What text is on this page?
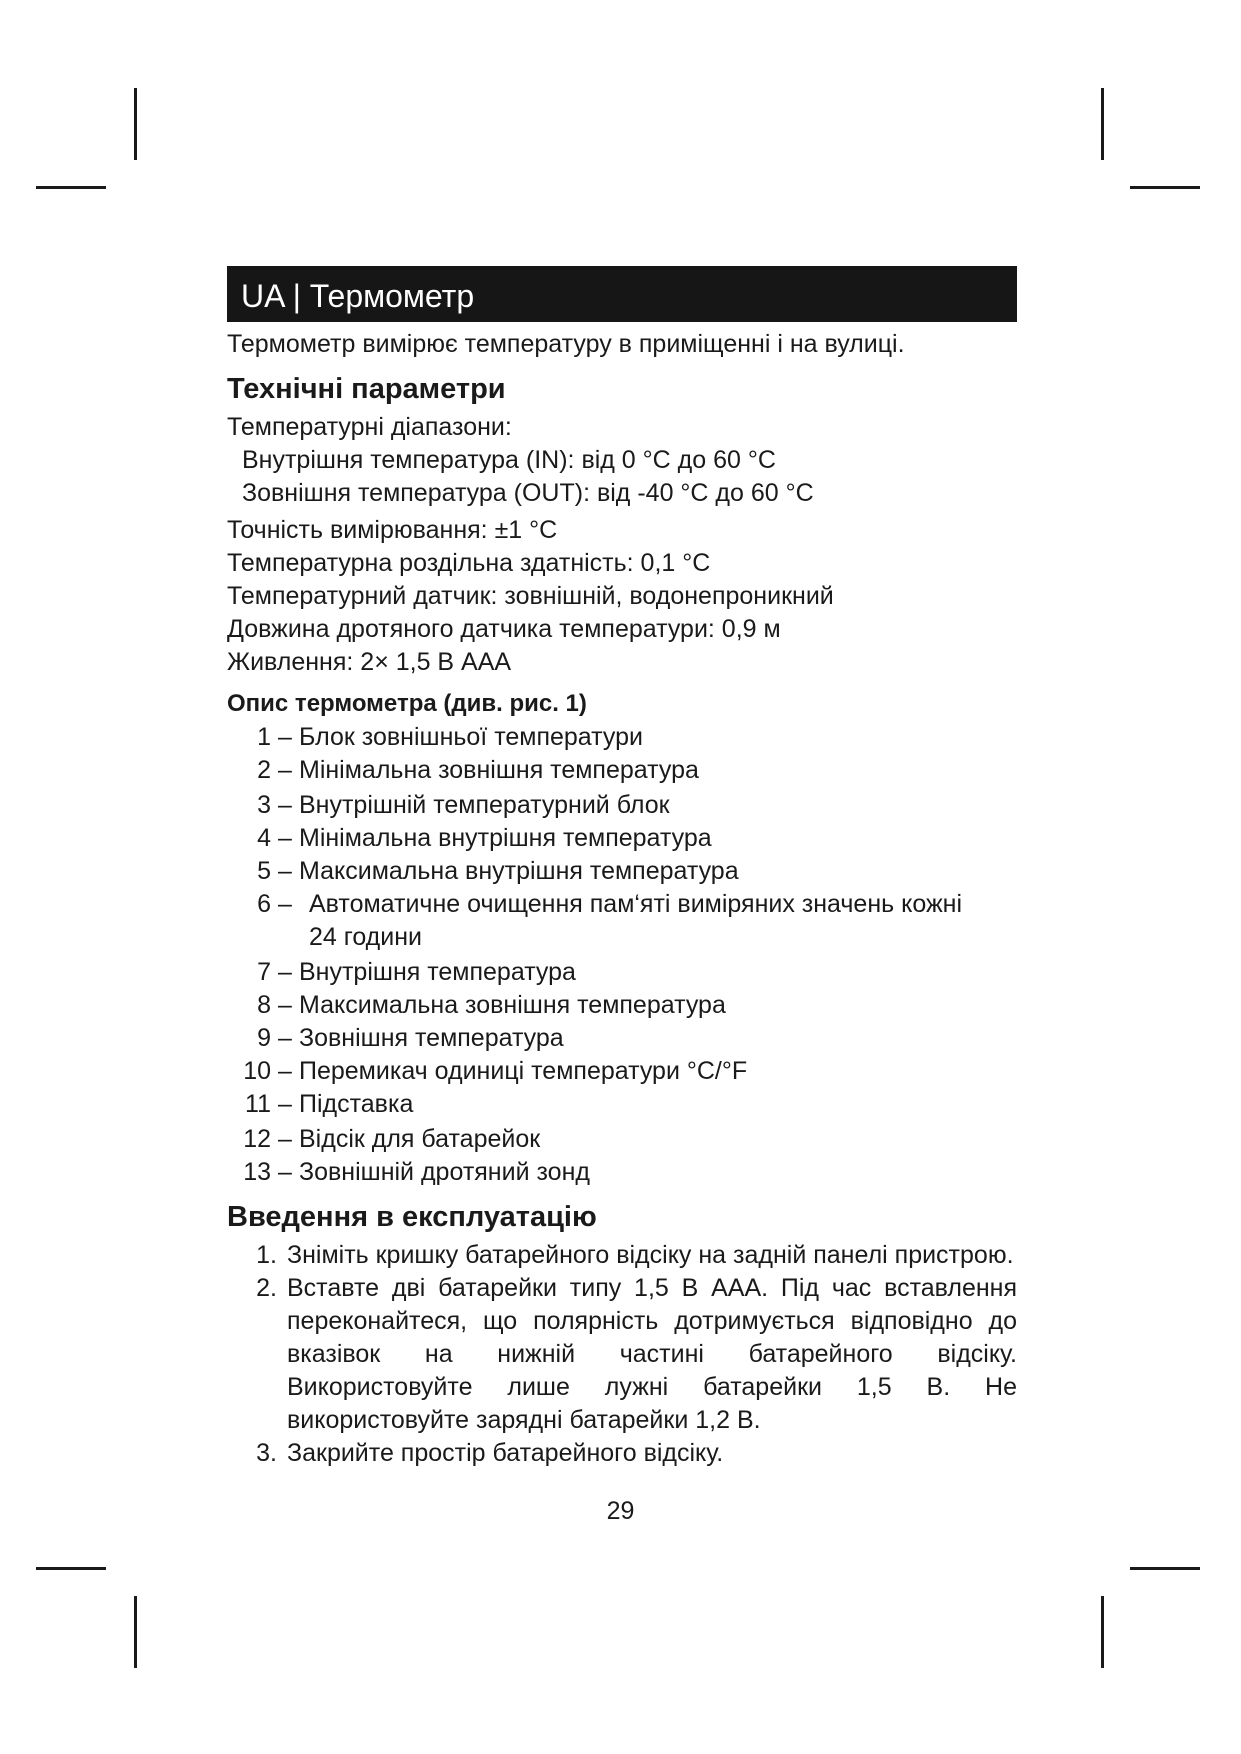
UA | Термометр

Термометр вимірює температуру в приміщенні і на вулиці.

Технічні параметри
Температурні діапазони:
Внутрішня температура (IN): від 0 °C до 60 °C
Зовнішня температура (OUT): від -40 °C до 60 °C
Точність вимірювання: ±1 °C
Температурна роздільна здатність: 0,1 °C
Температурний датчик: зовнішній, водонепроникний
Довжина дротяного датчика температури: 0,9 м
Живлення: 2× 1,5 В AAA
Опис термометра (див. рис. 1)
1 – Блок зовнішньої температури
2 – Мінімальна зовнішня температура
3 – Внутрішній температурний блок
4 – Мінімальна внутрішня температура
5 – Максимальна внутрішня температура
6 – Автоматичне очищення пам‘яті виміряних значень кожні
24 години
7 – Внутрішня температура
8 – Максимальна зовнішня температура
9 – Зовнішня температура
10 – Перемикач одиниці температури °C/°F
11 – Підставка
12 – Відсік для батарейок
13 – Зовнішній дротяний зонд
Введення в експлуатацію
1. Зніміть кришку батарейного відсіку на задній панелі пристрою.
2. Вставте дві батарейки типу 1,5 В AAA. Під час вставлення переконайтеся, що полярність дотримується відповідно до вказівок на нижній частині батарейного відсіку. Використовуйте лише лужні батарейки 1,5 В. Не використовуйте зарядні батарейки 1,2 В.
3. Закрийте простір батарейного відсіку.
29
